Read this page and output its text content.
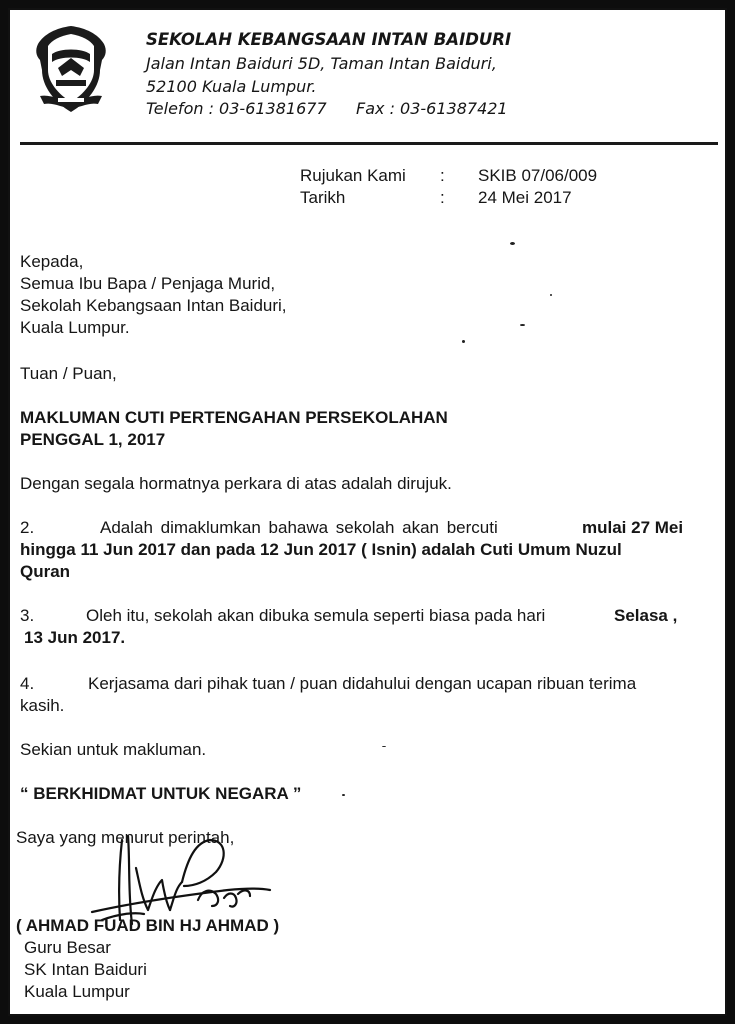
SEKOLAH KEBANGSAAN INTAN BAIDURI
Jalan Intan Baiduri 5D, Taman Intan Baiduri,
52100 Kuala Lumpur.
Telefon : 03-61381677 Fax : 03-61387421
Rujukan Kami : SKIB 07/06/009
Tarikh	: 24 Mei 2017
Kepada,
Semua Ibu Bapa / Penjaga Murid,
Sekolah Kebangsaan Intan Baiduri,
Kuala Lumpur.
Tuan / Puan,
MAKLUMAN CUTI PERTENGAHAN PERSEKOLAHAN
PENGGAL 1, 2017
Dengan segala hormatnya perkara di atas adalah dirujuk.
2.	Adalah dimaklumkan bahawa sekolah akan bercuti	mulai 27 Mei
hingga 11 Jun 2017 dan pada 12 Jun 2017 ( Isnin) adalah Cuti Umum Nuzul
Quran
3.	Oleh itu, sekolah akan dibuka semula seperti biasa pada hari	Selasa ,
13 Jun 2017.
4.	Kerjasama dari pihak tuan / puan didahului dengan ucapan ribuan terima
kasih.
Sekian untuk makluman.
“ BERKHIDMAT UNTUK NEGARA ”
Saya yang menurut perintah,
( AHMAD FUAD BIN HJ AHMAD )
Guru Besar
SK Intan Baiduri
Kuala Lumpur
